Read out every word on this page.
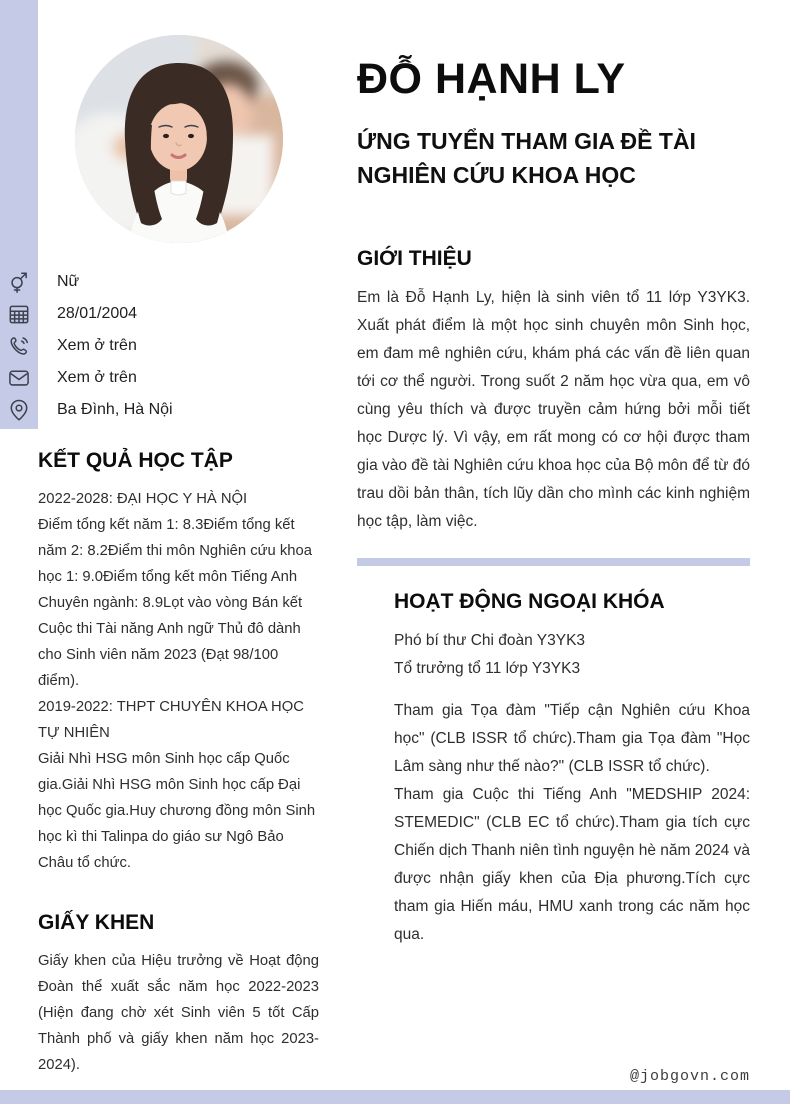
ĐỖ HẠNH LY
ỨNG TUYỂN THAM GIA ĐỀ TÀI NGHIÊN CỨU KHOA HỌC
Nữ
28/01/2004
Xem ở trên
Xem ở trên
Ba Đình, Hà Nội
KẾT QUẢ HỌC TẬP

2022-2028: ĐẠI HỌC Y HÀ NỘI

Điểm tổng kết năm 1: 8.3Điểm tổng kết năm 2: 8.2Điểm thi môn Nghiên cứu khoa học 1: 9.0Điểm tổng kết môn Tiếng Anh Chuyên ngành: 8.9Lọt vào vòng Bán kết Cuộc thi Tài năng Anh ngữ Thủ đô dành cho Sinh viên năm 2023 (Đạt 98/100 điểm).

2019-2022: THPT CHUYÊN KHOA HỌC TỰ NHIÊN

Giải Nhì HSG môn Sinh học cấp Quốc gia.Giải Nhì HSG môn Sinh học cấp Đại học Quốc gia.Huy chương đồng môn Sinh học kì thi Talinpa do giáo sư Ngô Bảo Châu tổ chức.

GIẤY KHEN

Giấy khen của Hiệu trưởng về Hoạt động Đoàn thể xuất sắc năm học 2022-2023 (Hiện đang chờ xét Sinh viên 5 tốt Cấp Thành phố và giấy khen năm học 2023-2024).

GIỚI THIỆU

Em là Đỗ Hạnh Ly, hiện là sinh viên tổ 11 lớp Y3YK3. Xuất phát điểm là một học sinh chuyên môn Sinh học, em đam mê nghiên cứu, khám phá các vấn đề liên quan tới cơ thể người. Trong suốt 2 năm học vừa qua, em vô cùng yêu thích và được truyền cảm hứng bởi mỗi tiết học Dược lý. Vì vậy, em rất mong có cơ hội được tham gia vào đề tài Nghiên cứu khoa học của Bộ môn để từ đó trau dồi bản thân, tích lũy dần cho mình các kinh nghiệm học tập, làm việc.

HOẠT ĐỘNG NGOẠI KHÓA

Phó bí thư Chi đoàn Y3YK3

Tổ trưởng tổ 11 lớp Y3YK3

Tham gia Tọa đàm "Tiếp cận Nghiên cứu Khoa học" (CLB ISSR tổ chức).Tham gia Tọa đàm "Học Lâm sàng như thế nào?" (CLB ISSR tổ chức).

Tham gia Cuộc thi Tiếng Anh "MEDSHIP 2024: STEMEDIC" (CLB EC tổ chức).Tham gia tích cực Chiến dịch Thanh niên tình nguyện hè năm 2024 và được nhận giấy khen của Địa phương.Tích cực tham gia Hiến máu, HMU xanh trong các năm học qua.

@jobgovn.com
